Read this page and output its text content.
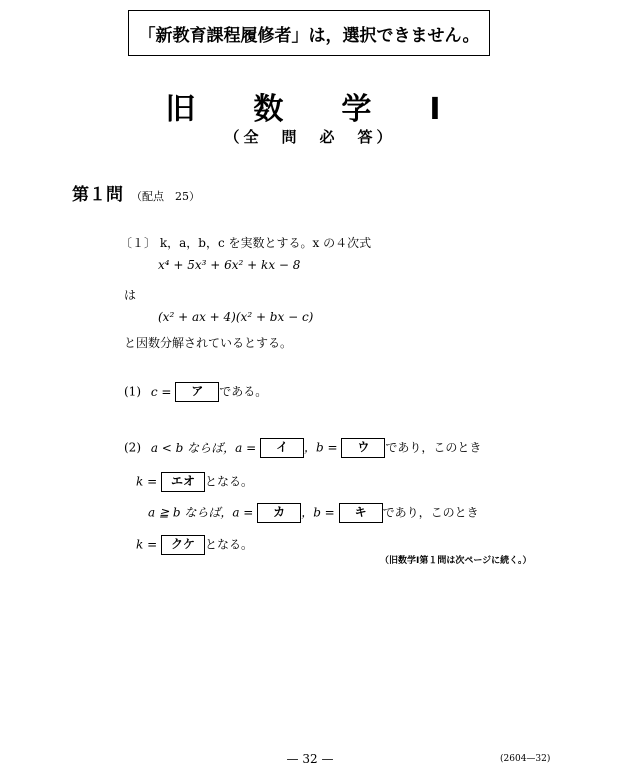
「新教育課程履修者」は，選択できません。
旧　数　学　Ⅰ
（全　問　必　答）
第１問 （配点　25）
〔１〕 k，a，b，c を実数とする。x の４次式
x⁴ + 5x³ + 6x² + kx − 8
は
(x² + ax + 4)(x² + bx − c)
と因数分解されているとする。
(1) c = ア である。
(2) a < b ならば，a = イ ，b = ウ であり，このとき
k = エオ となる。
a ≧ b ならば，a = カ ，b = キ であり，このとき
k = クケ となる。
（旧数学Ⅰ第１問は次ページに続く。）
— 32 —	(2604—32)
